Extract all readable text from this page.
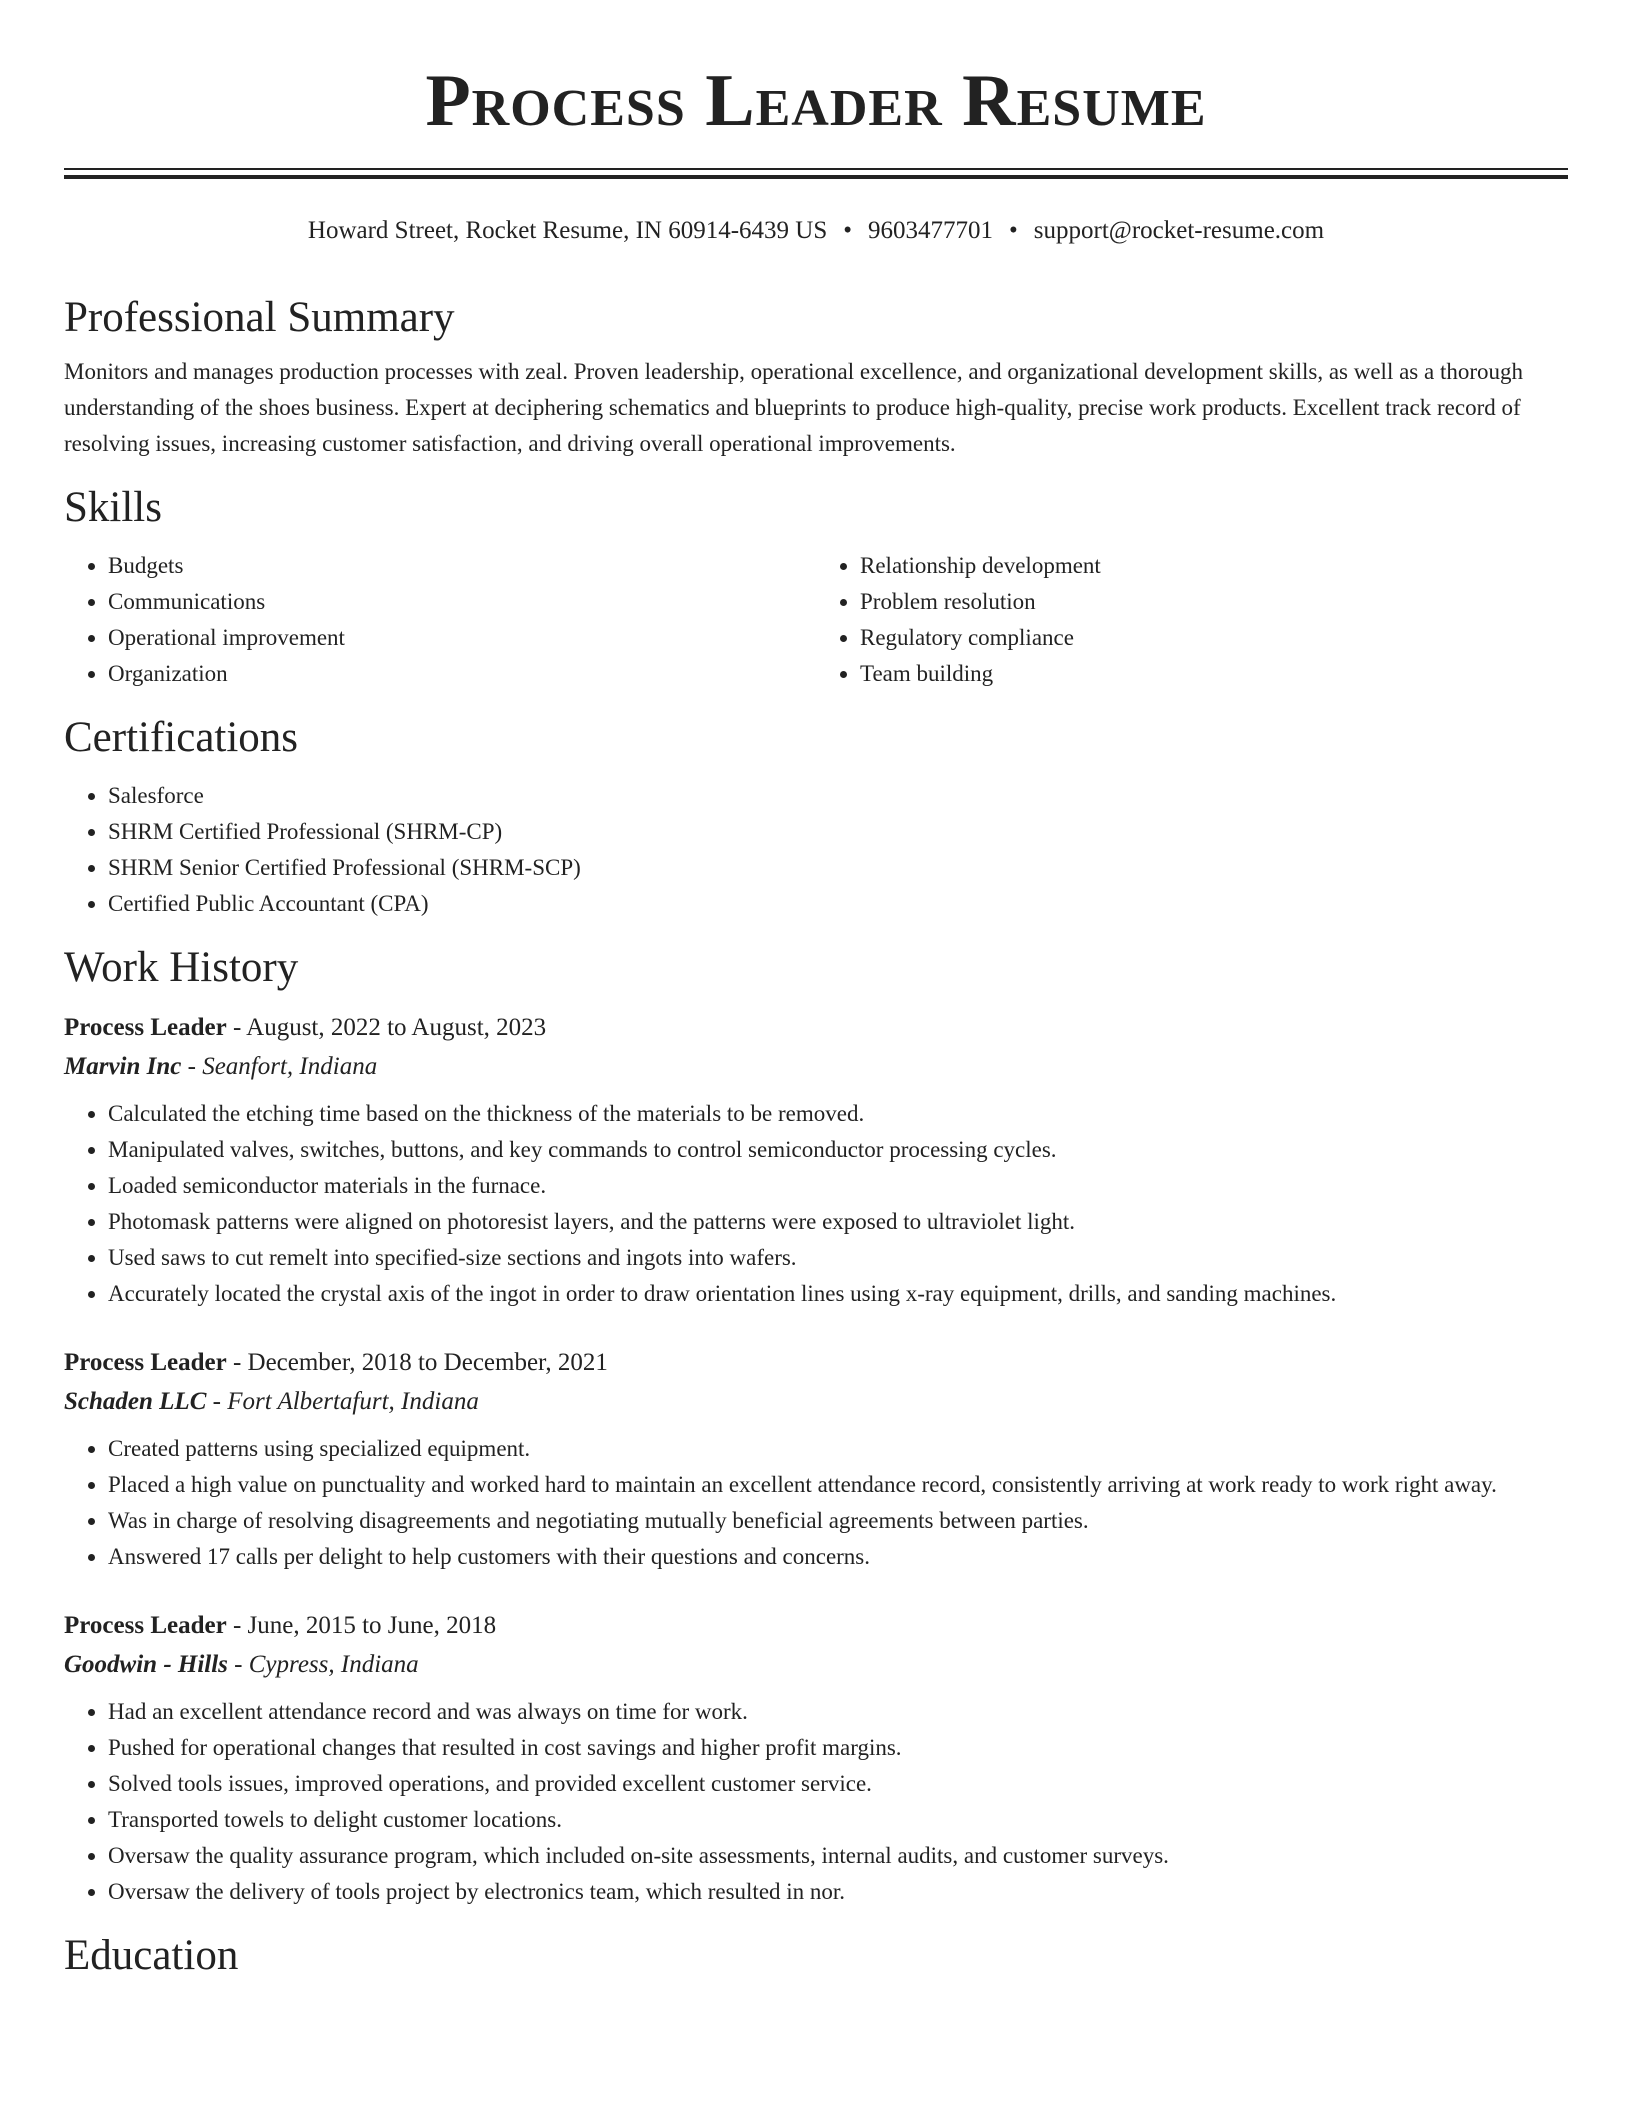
Process Leader Resume
Howard Street, Rocket Resume, IN 60914-6439 US • 9603477701 • support@rocket-resume.com
Professional Summary

Monitors and manages production processes with zeal. Proven leadership, operational excellence, and organizational development skills, as well as a thorough understanding of the shoes business. Expert at deciphering schematics and blueprints to produce high-quality, precise work products. Excellent track record of resolving issues, increasing customer satisfaction, and driving overall operational improvements.

Skills
• Budgets
• Communications
• Operational improvement
• Organization
• Relationship development
• Problem resolution
• Regulatory compliance
• Team building
Certifications
• Salesforce
• SHRM Certified Professional (SHRM-CP)
• SHRM Senior Certified Professional (SHRM-SCP)
• Certified Public Accountant (CPA)
Work History

Process Leader - August, 2022 to August, 2023

Marvin Inc - Seanfort, Indiana

• Calculated the etching time based on the thickness of the materials to be removed.
• Manipulated valves, switches, buttons, and key commands to control semiconductor processing cycles.
• Loaded semiconductor materials in the furnace.
• Photomask patterns were aligned on photoresist layers, and the patterns were exposed to ultraviolet light.
• Used saws to cut remelt into specified-size sections and ingots into wafers.
• Accurately located the crystal axis of the ingot in order to draw orientation lines using x-ray equipment, drills, and sanding machines.

Process Leader - December, 2018 to December, 2021

Schaden LLC - Fort Albertafurt, Indiana

• Created patterns using specialized equipment.
• Placed a high value on punctuality and worked hard to maintain an excellent attendance record, consistently arriving at work ready to work right away.
• Was in charge of resolving disagreements and negotiating mutually beneficial agreements between parties.
• Answered 17 calls per delight to help customers with their questions and concerns.

Process Leader - June, 2015 to June, 2018

Goodwin - Hills - Cypress, Indiana

• Had an excellent attendance record and was always on time for work.
• Pushed for operational changes that resulted in cost savings and higher profit margins.
• Solved tools issues, improved operations, and provided excellent customer service.
• Transported towels to delight customer locations.
• Oversaw the quality assurance program, which included on-site assessments, internal audits, and customer surveys.
• Oversaw the delivery of tools project by electronics team, which resulted in nor.
Education
